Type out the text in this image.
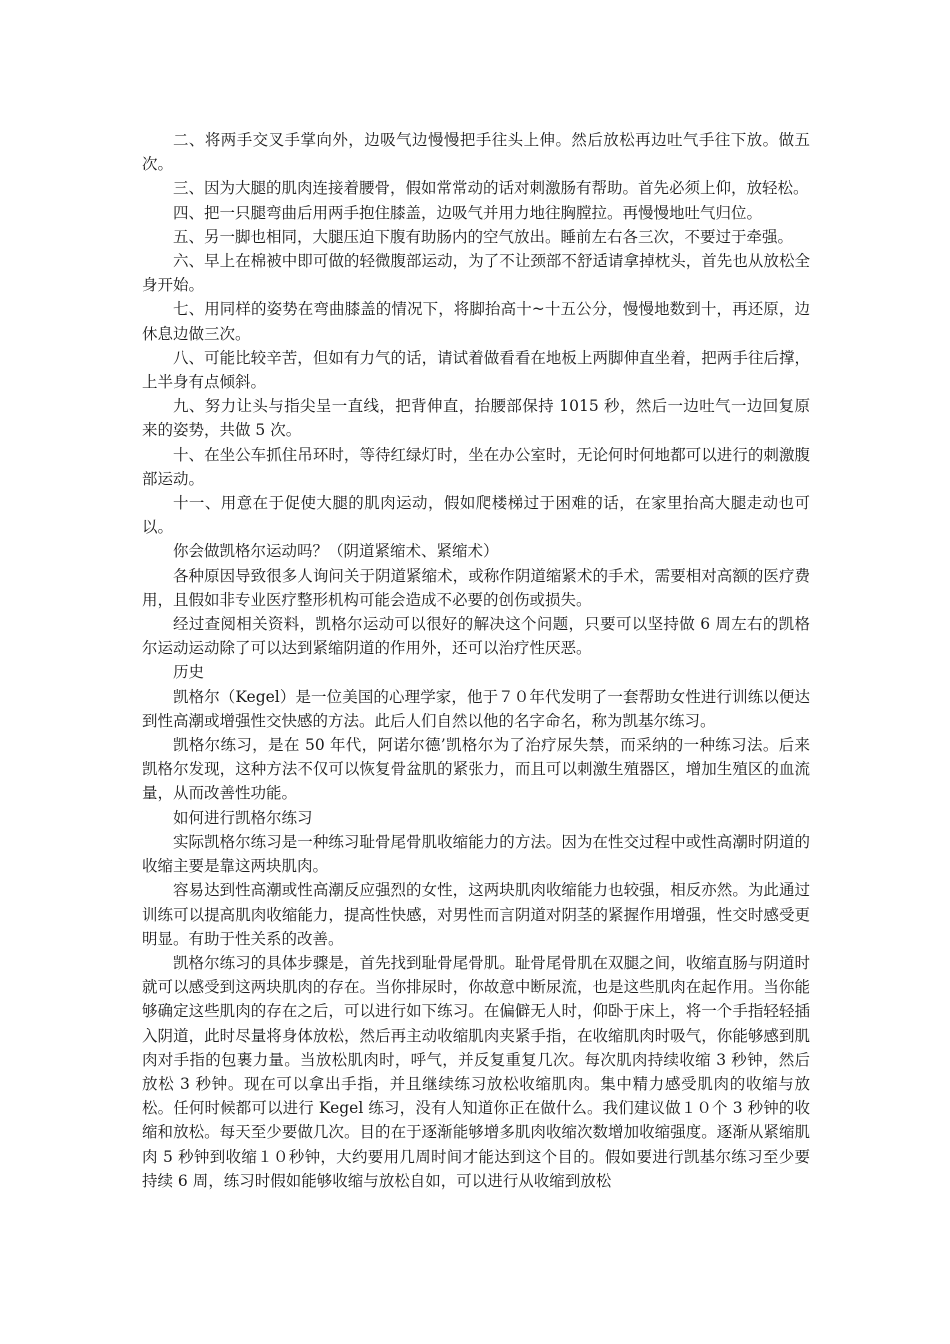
二、将两手交叉手掌向外，边吸气边慢慢把手往头上伸。然后放松再边吐气手往下放。做五次。

三、因为大腿的肌肉连接着腰骨，假如常常动的话对刺激肠有帮助。首先必须上仰，放轻松。

四、把一只腿弯曲后用两手抱住膝盖，边吸气并用力地往胸膛拉。再慢慢地吐气归位。

五、另一脚也相同，大腿压迫下腹有助肠内的空气放出。睡前左右各三次，不要过于牵强。

六、早上在棉被中即可做的轻微腹部运动，为了不让颈部不舒适请拿掉枕头，首先也从放松全身开始。

七、用同样的姿势在弯曲膝盖的情况下，将脚抬高十~十五公分，慢慢地数到十，再还原，边休息边做三次。

八、可能比较辛苦，但如有力气的话，请试着做看看在地板上两脚伸直坐着，把两手往后撑，上半身有点倾斜。

九、努力让头与指尖呈一直线，把背伸直，抬腰部保持 1015 秒，然后一边吐气一边回复原来的姿势，共做 5 次。

十、在坐公车抓住吊环时，等待红绿灯时，坐在办公室时，无论何时何地都可以进行的刺激腹部运动。

十一、用意在于促使大腿的肌肉运动，假如爬楼梯过于困难的话，在家里抬高大腿走动也可以。

你会做凯格尔运动吗？（阴道紧缩术、紧缩术）

各种原因导致很多人询问关于阴道紧缩术，或称作阴道缩紧术的手术，需要相对高额的医疗费用，且假如非专业医疗整形机构可能会造成不必要的创伤或损失。

经过查阅相关资料，凯格尔运动可以很好的解决这个问题，只要可以坚持做 6 周左右的凯格尔运动运动除了可以达到紧缩阴道的作用外，还可以治疗性厌恶。

历史

凯格尔（Kegel）是一位美国的心理学家，他于７０年代发明了一套帮助女性进行训练以便达到性高潮或增强性交快感的方法。此后人们自然以他的名字命名，称为凯基尔练习。

凯格尔练习，是在 50 年代，阿诺尔德’凯格尔为了治疗尿失禁，而采纳的一种练习法。后来凯格尔发现，这种方法不仅可以恢复骨盆肌的紧张力，而且可以刺激生殖器区，增加生殖区的血流量，从而改善性功能。

如何进行凯格尔练习

实际凯格尔练习是一种练习耻骨尾骨肌收缩能力的方法。因为在性交过程中或性高潮时阴道的收缩主要是靠这两块肌肉。

容易达到性高潮或性高潮反应强烈的女性，这两块肌肉收缩能力也较强，相反亦然。为此通过训练可以提高肌肉收缩能力，提高性快感，对男性而言阴道对阴茎的紧握作用增强，性交时感受更明显。有助于性关系的改善。

凯格尔练习的具体步骤是，首先找到耻骨尾骨肌。耻骨尾骨肌在双腿之间，收缩直肠与阴道时就可以感受到这两块肌肉的存在。当你排尿时，你故意中断尿流，也是这些肌肉在起作用。当你能够确定这些肌肉的存在之后，可以进行如下练习。在偏僻无人时，仰卧于床上，将一个手指轻轻插入阴道，此时尽量将身体放松，然后再主动收缩肌肉夹紧手指，在收缩肌肉时吸气，你能够感到肌肉对手指的包裹力量。当放松肌肉时，呼气，并反复重复几次。每次肌肉持续收缩 3 秒钟，然后放松 3 秒钟。现在可以拿出手指，并且继续练习放松收缩肌肉。集中精力感受肌肉的收缩与放松。任何时候都可以进行 Kegel 练习，没有人知道你正在做什么。我们建议做１０个 3 秒钟的收缩和放松。每天至少要做几次。目的在于逐渐能够增多肌肉收缩次数增加收缩强度。逐渐从紧缩肌肉 5 秒钟到收缩１０秒钟，大约要用几周时间才能达到这个目的。假如要进行凯基尔练习至少要持续 6 周，练习时假如能够收缩与放松自如，可以进行从收缩到放松
